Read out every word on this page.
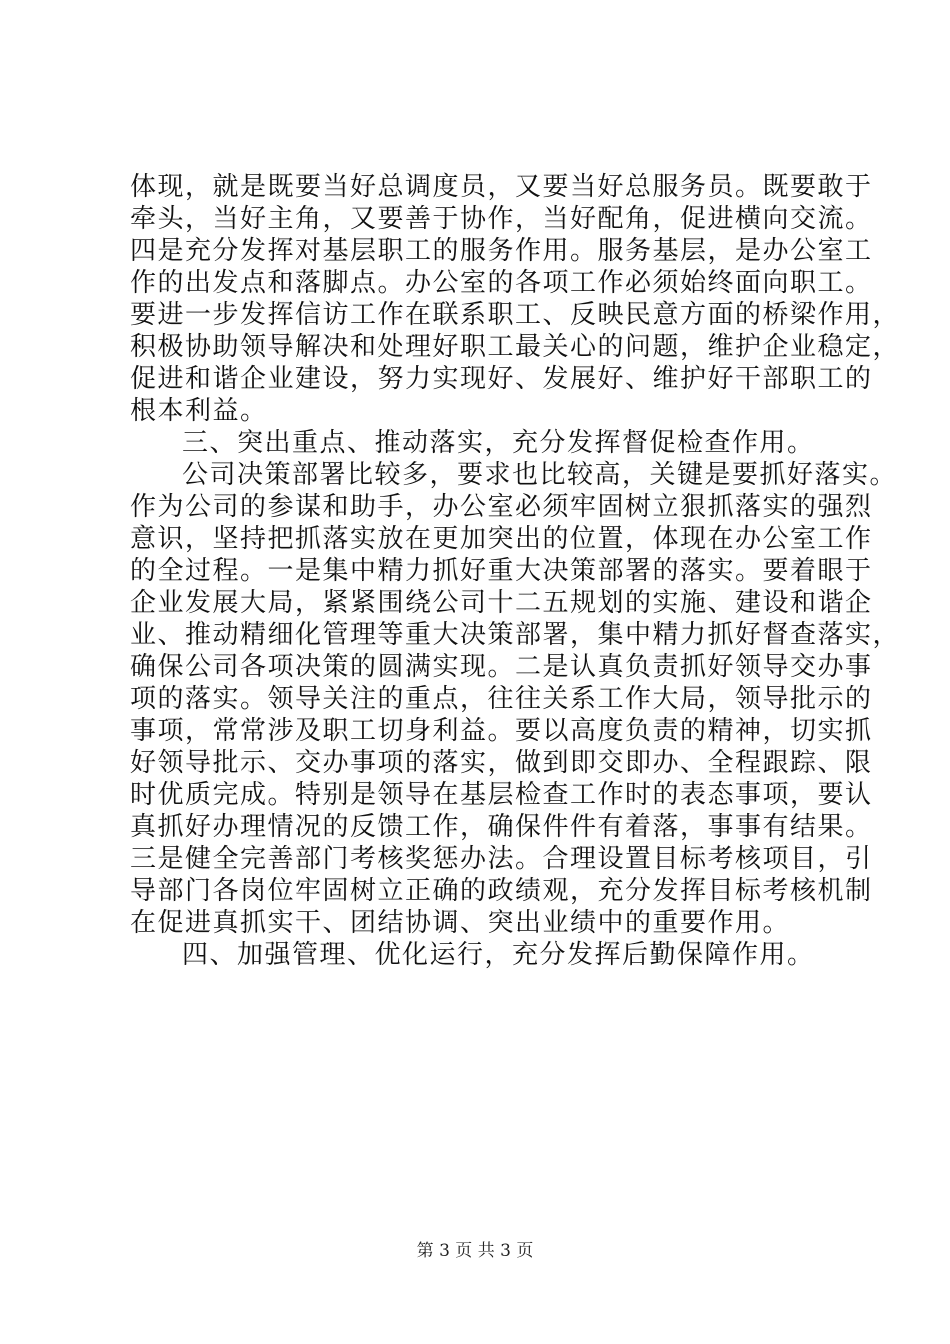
体现，就是既要当好总调度员，又要当好总服务员。既要敢于
牵头，当好主角，又要善于协作，当好配角，促进横向交流。
四是充分发挥对基层职工的服务作用。服务基层，是办公室工
作的出发点和落脚点。办公室的各项工作必须始终面向职工。
要进一步发挥信访工作在联系职工、反映民意方面的桥梁作用，
积极协助领导解决和处理好职工最关心的问题，维护企业稳定，
促进和谐企业建设，努力实现好、发展好、维护好干部职工的
根本利益。
三、突出重点、推动落实，充分发挥督促检查作用。
公司决策部署比较多，要求也比较高，关键是要抓好落实。
作为公司的参谋和助手，办公室必须牢固树立狠抓落实的强烈
意识，坚持把抓落实放在更加突出的位置，体现在办公室工作
的全过程。一是集中精力抓好重大决策部署的落实。要着眼于
企业发展大局，紧紧围绕公司十二五规划的实施、建设和谐企
业、推动精细化管理等重大决策部署，集中精力抓好督查落实，
确保公司各项决策的圆满实现。二是认真负责抓好领导交办事
项的落实。领导关注的重点，往往关系工作大局，领导批示的
事项，常常涉及职工切身利益。要以高度负责的精神，切实抓
好领导批示、交办事项的落实，做到即交即办、全程跟踪、限
时优质完成。特别是领导在基层检查工作时的表态事项，要认
真抓好办理情况的反馈工作，确保件件有着落，事事有结果。
三是健全完善部门考核奖惩办法。合理设置目标考核项目，引
导部门各岗位牢固树立正确的政绩观，充分发挥目标考核机制
在促进真抓实干、团结协调、突出业绩中的重要作用。
四、加强管理、优化运行，充分发挥后勤保障作用。
第 3 页 共 3 页
